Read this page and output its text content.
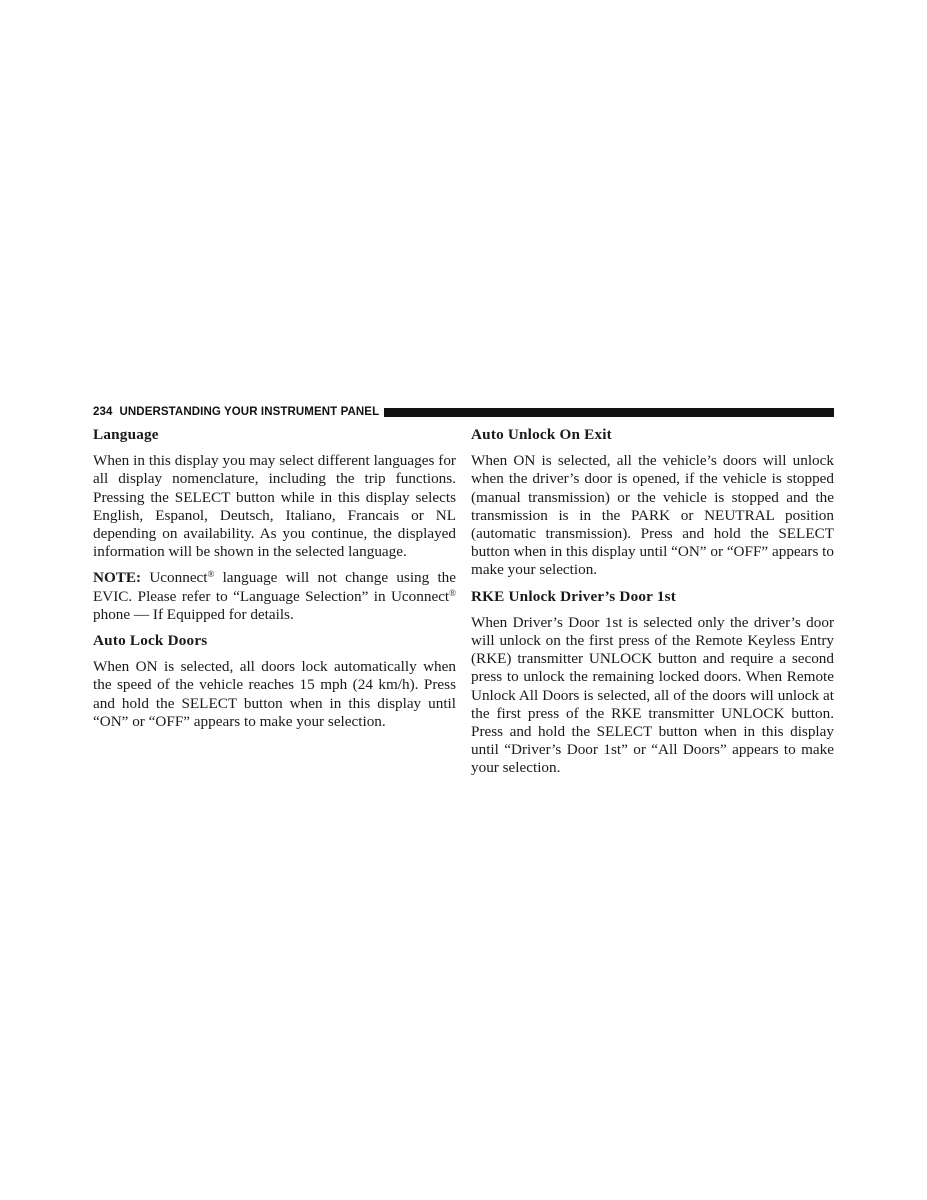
234 UNDERSTANDING YOUR INSTRUMENT PANEL
Language
When in this display you may select different languages for all display nomenclature, including the trip functions. Pressing the SELECT button while in this display selects English, Espanol, Deutsch, Italiano, Francais or NL depending on availability. As you continue, the displayed information will be shown in the selected language.
NOTE: Uconnect® language will not change using the EVIC. Please refer to “Language Selection” in Uconnect® phone — If Equipped for details.
Auto Lock Doors
When ON is selected, all doors lock automatically when the speed of the vehicle reaches 15 mph (24 km/h). Press and hold the SELECT button when in this display until “ON” or “OFF” appears to make your selection.
Auto Unlock On Exit
When ON is selected, all the vehicle’s doors will unlock when the driver’s door is opened, if the vehicle is stopped (manual transmission) or the vehicle is stopped and the transmission is in the PARK or NEUTRAL position (automatic transmission). Press and hold the SELECT button when in this display until “ON” or “OFF” appears to make your selection.
RKE Unlock Driver’s Door 1st
When Driver’s Door 1st is selected only the driver’s door will unlock on the first press of the Remote Keyless Entry (RKE) transmitter UNLOCK button and require a second press to unlock the remaining locked doors. When Remote Unlock All Doors is selected, all of the doors will unlock at the first press of the RKE transmitter UNLOCK button. Press and hold the SELECT button when in this display until “Driver’s Door 1st” or “All Doors” appears to make your selection.
